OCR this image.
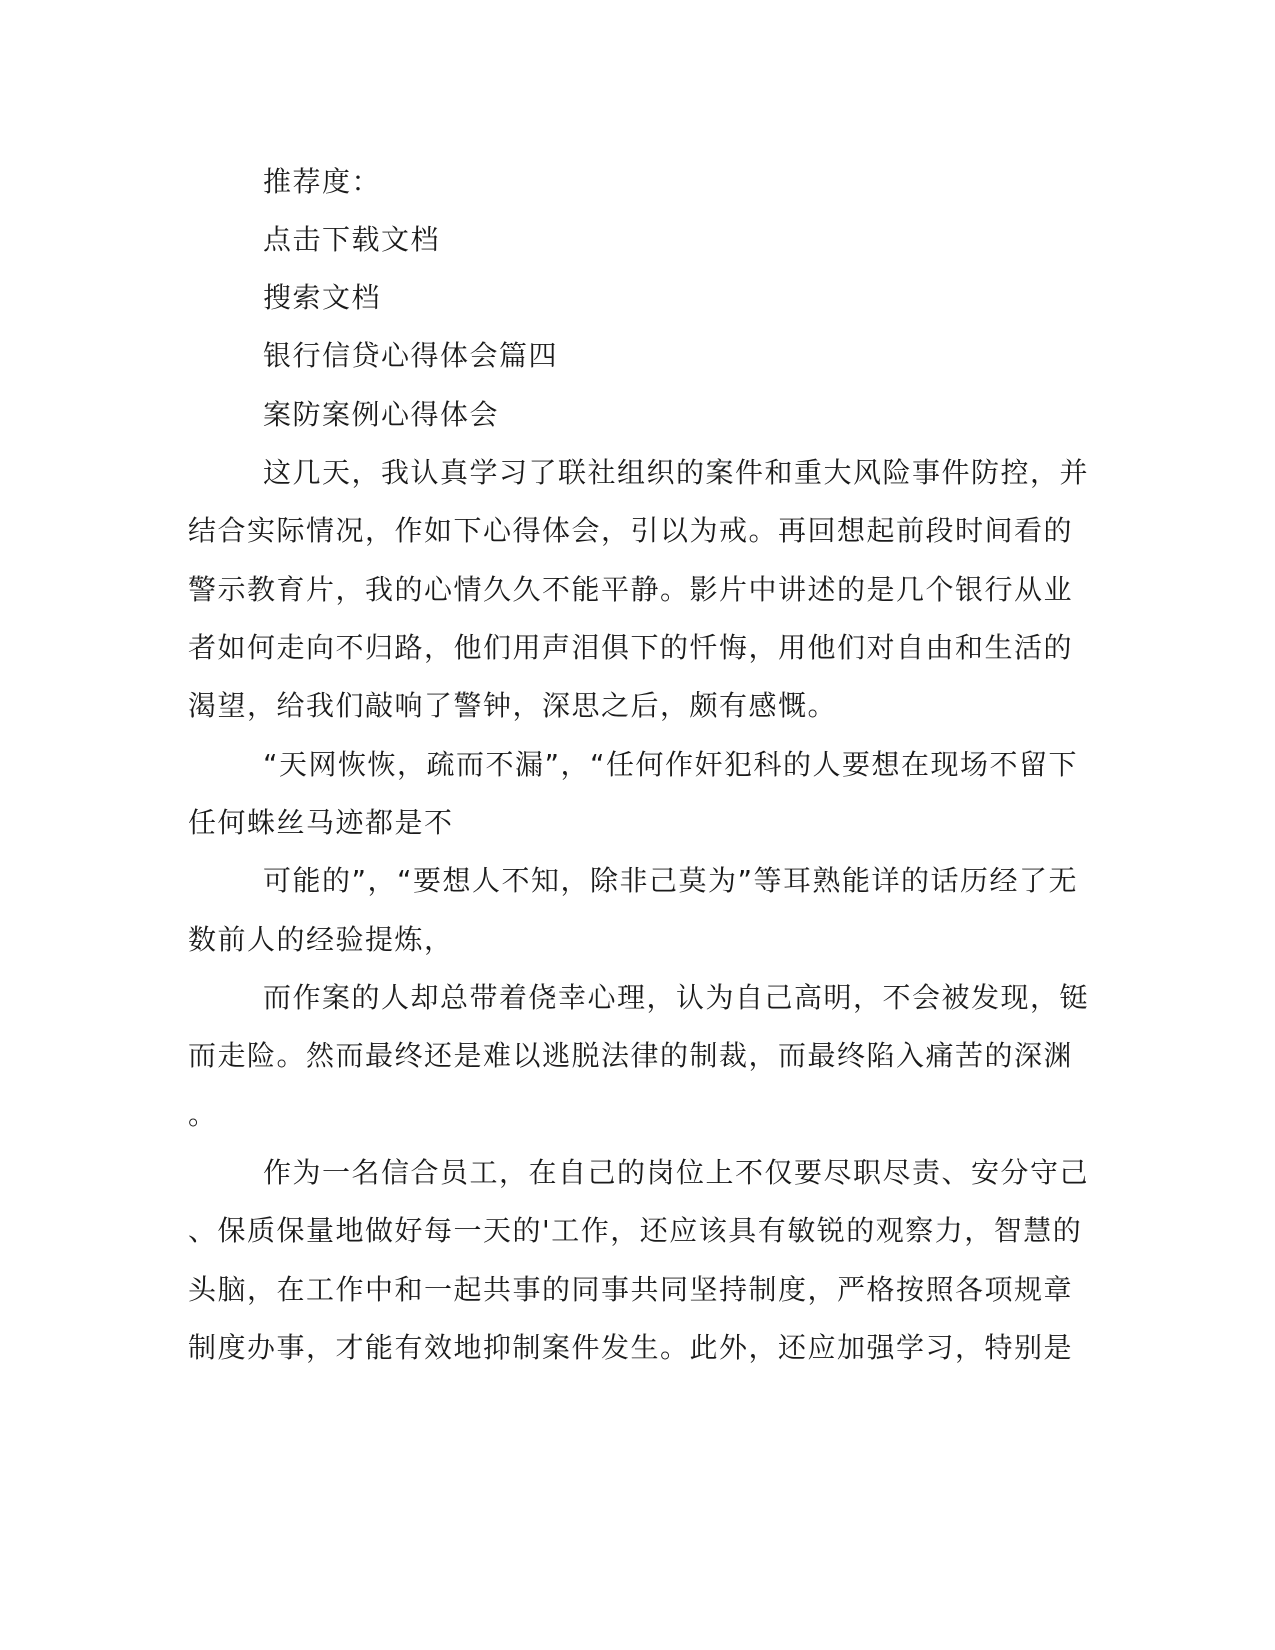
推荐度：
点击下载文档
搜索文档
银行信贷心得体会篇四
案防案例心得体会
这几天，我认真学习了联社组织的案件和重大风险事件防控，并
结合实际情况，作如下心得体会，引以为戒。再回想起前段时间看的
警示教育片，我的心情久久不能平静。影片中讲述的是几个银行从业
者如何走向不归路，他们用声泪俱下的忏悔，用他们对自由和生活的
渴望，给我们敲响了警钟，深思之后，颇有感慨。
“天网恢恢，疏而不漏”，“任何作奸犯科的人要想在现场不留下
任何蛛丝马迹都是不
可能的”，“要想人不知，除非己莫为”等耳熟能详的话历经了无
数前人的经验提炼，
而作案的人却总带着侥幸心理，认为自己高明，不会被发现，铤
而走险。然而最终还是难以逃脱法律的制裁，而最终陷入痛苦的深渊
。
作为一名信合员工，在自己的岗位上不仅要尽职尽责、安分守己
、保质保量地做好每一天的'工作，还应该具有敏锐的观察力，智慧的
头脑，在工作中和一起共事的同事共同坚持制度，严格按照各项规章
制度办事，才能有效地抑制案件发生。此外，还应加强学习，特别是
